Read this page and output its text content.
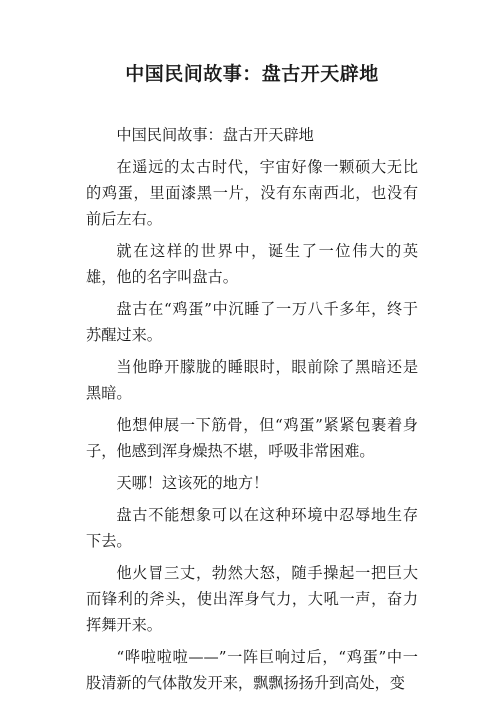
中国民间故事：盘古开天辟地

中国民间故事：盘古开天辟地

在遥远的太古时代，宇宙好像一颗硕大无比的鸡蛋，里面漆黑一片，没有东南西北，也没有前后左右。

就在这样的世界中，诞生了一位伟大的英雄，他的名字叫盘古。

盘古在“鸡蛋”中沉睡了一万八千多年，终于苏醒过来。

当他睁开朦胧的睡眼时，眼前除了黑暗还是黑暗。

他想伸展一下筋骨，但“鸡蛋”紧紧包裹着身子，他感到浑身燥热不堪，呼吸非常困难。

天哪！这该死的地方！

盘古不能想象可以在这种环境中忍辱地生存下去。

他火冒三丈，勃然大怒，随手操起一把巨大而锋利的斧头，使出浑身气力，大吼一声，奋力挥舞开来。

“哗啦啦啦——”一阵巨响过后，“鸡蛋”中一股清新的气体散发开来，飘飘扬扬升到高处，变
